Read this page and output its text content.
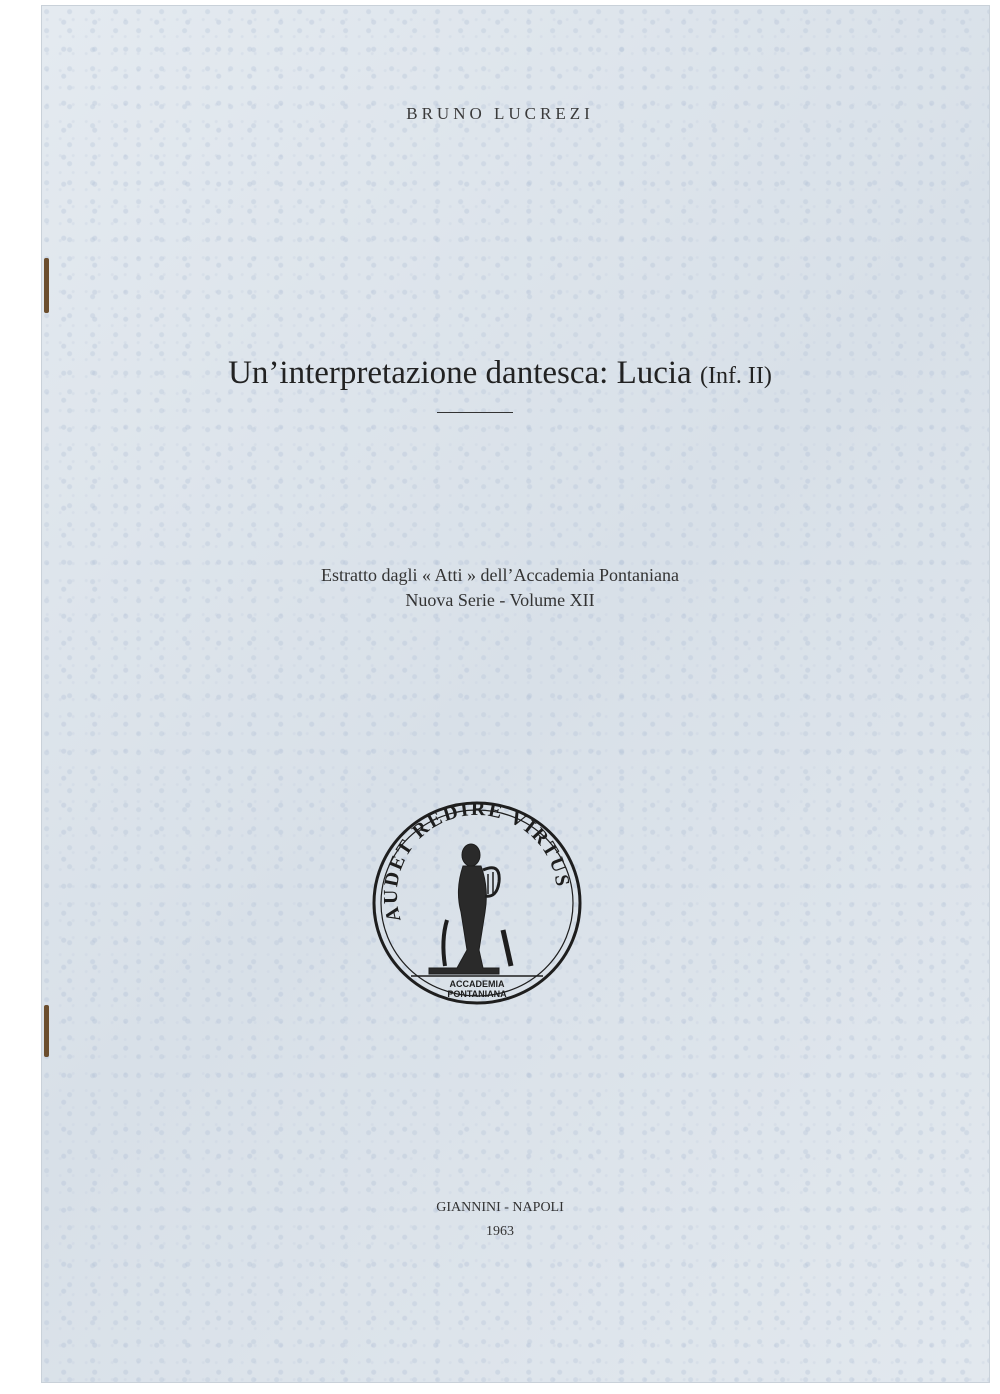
BRUNO LUCREZI
Un’interpretazione dantesca: Lucia (Inf. II)
Estratto dagli « Atti » dell’Accademia Pontaniana
Nuova Serie - Volume XII
AUDET REDIRE VIRTUS
ACCADEMIA
PONTANIANA
GIANNINI - NAPOLI
1963
